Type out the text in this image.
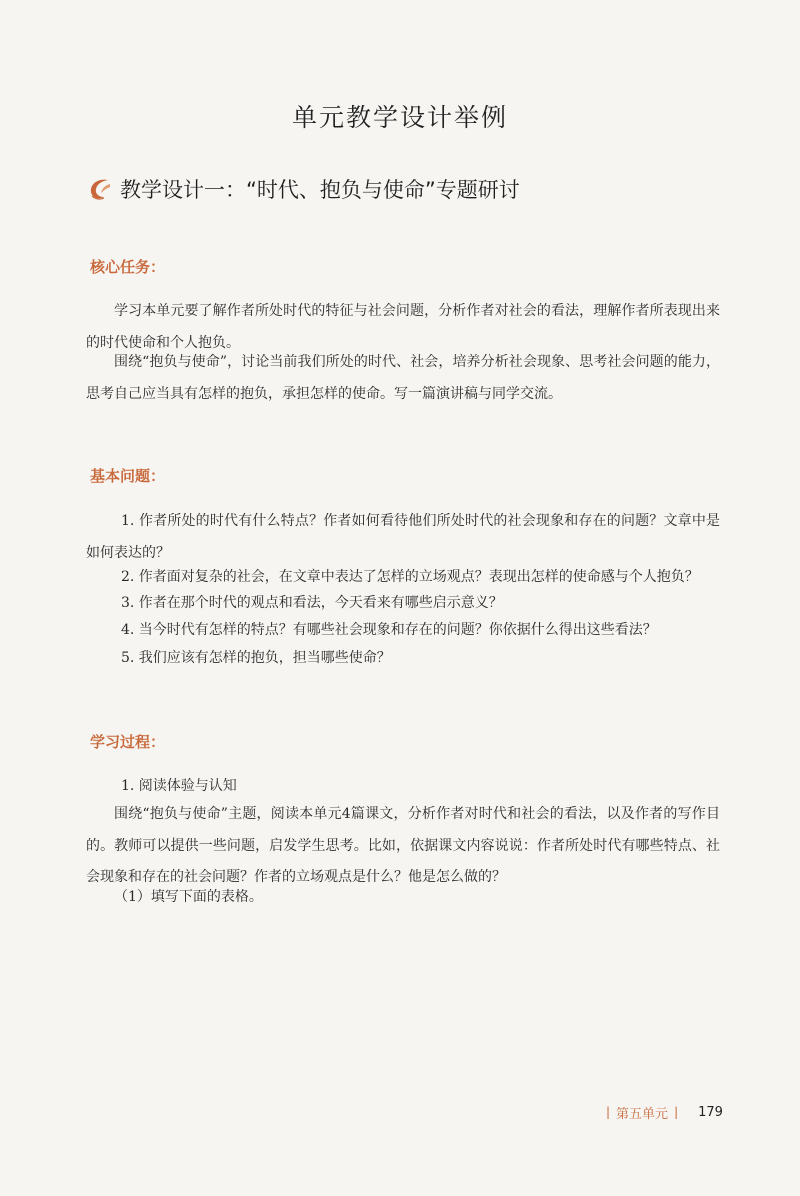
单元教学设计举例
教学设计一：“时代、抱负与使命”专题研讨
核心任务：

学习本单元要了解作者所处时代的特征与社会问题，分析作者对社会的看法，理解作者所表现出来的时代使命和个人抱负。

围绕“抱负与使命”，讨论当前我们所处的时代、社会，培养分析社会现象、思考社会问题的能力，思考自己应当具有怎样的抱负，承担怎样的使命。写一篇演讲稿与同学交流。

基本问题：

1. 作者所处的时代有什么特点？作者如何看待他们所处时代的社会现象和存在的问题？文章中是如何表达的？

2. 作者面对复杂的社会，在文章中表达了怎样的立场观点？表现出怎样的使命感与个人抱负？

3. 作者在那个时代的观点和看法，今天看来有哪些启示意义？

4. 当今时代有怎样的特点？有哪些社会现象和存在的问题？你依据什么得出这些看法？

5. 我们应该有怎样的抱负，担当哪些使命？

学习过程：

1. 阅读体验与认知

围绕“抱负与使命”主题，阅读本单元4篇课文，分析作者对时代和社会的看法，以及作者的写作目的。教师可以提供一些问题，启发学生思考。比如，依据课文内容说说：作者所处时代有哪些特点、社会现象和存在的社会问题？作者的立场观点是什么？他是怎么做的？

（1）填写下面的表格。

| 第五单元 | 179
